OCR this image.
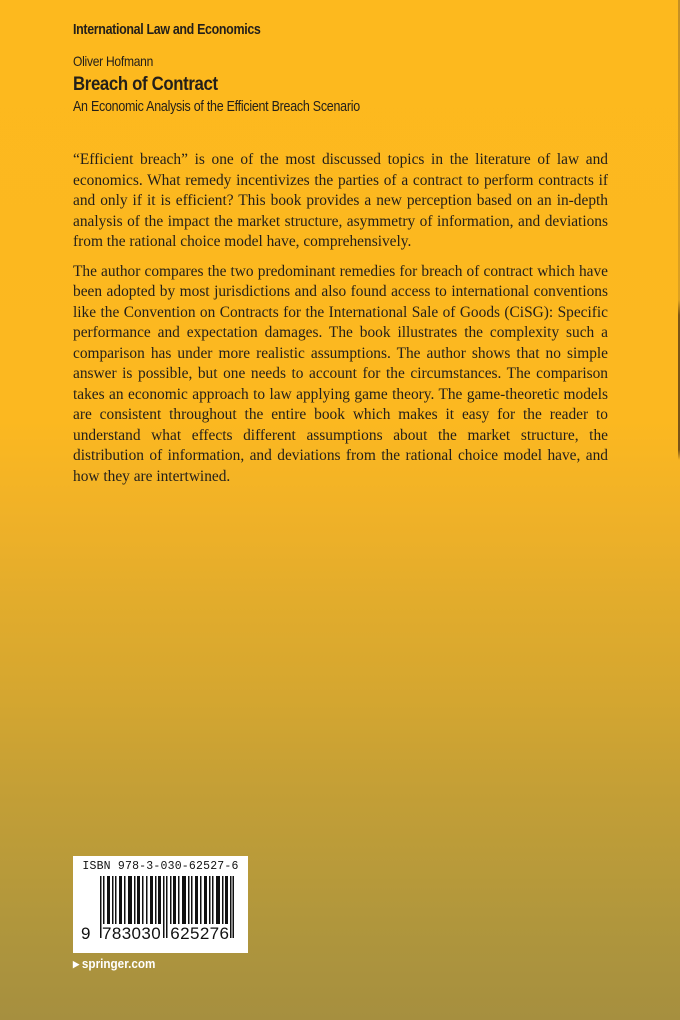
International Law and Economics
Oliver Hofmann
Breach of Contract
An Economic Analysis of the Efficient Breach Scenario

“Efficient breach” is one of the most discussed topics in the literature of law and economics. What remedy incentivizes the parties of a contract to perform contracts if and only if it is efficient? This book provides a new perception based on an in-depth analysis of the impact the market structure, asymmetry of information, and deviations from the rational choice model have, comprehensively.

The author compares the two predominant remedies for breach of contract which have been adopted by most jurisdictions and also found access to international conventions like the Convention on Contracts for the International Sale of Goods (CiSG): Specific performance and expectation damages. The book illustrates the complexity such a comparison has under more realistic assumptions. The author shows that no simple answer is possible, but one needs to account for the circumstances. The comparison takes an economic approach to law applying game theory. The game-theoretic models are consistent throughout the entire book which makes it easy for the reader to understand what effects different assumptions about the market structure, the distribution of information, and deviations from the rational choice model have, and how they are intertwined.

ISBN 978-3-030-62527-6
9 783030 625276
▶ springer.com
